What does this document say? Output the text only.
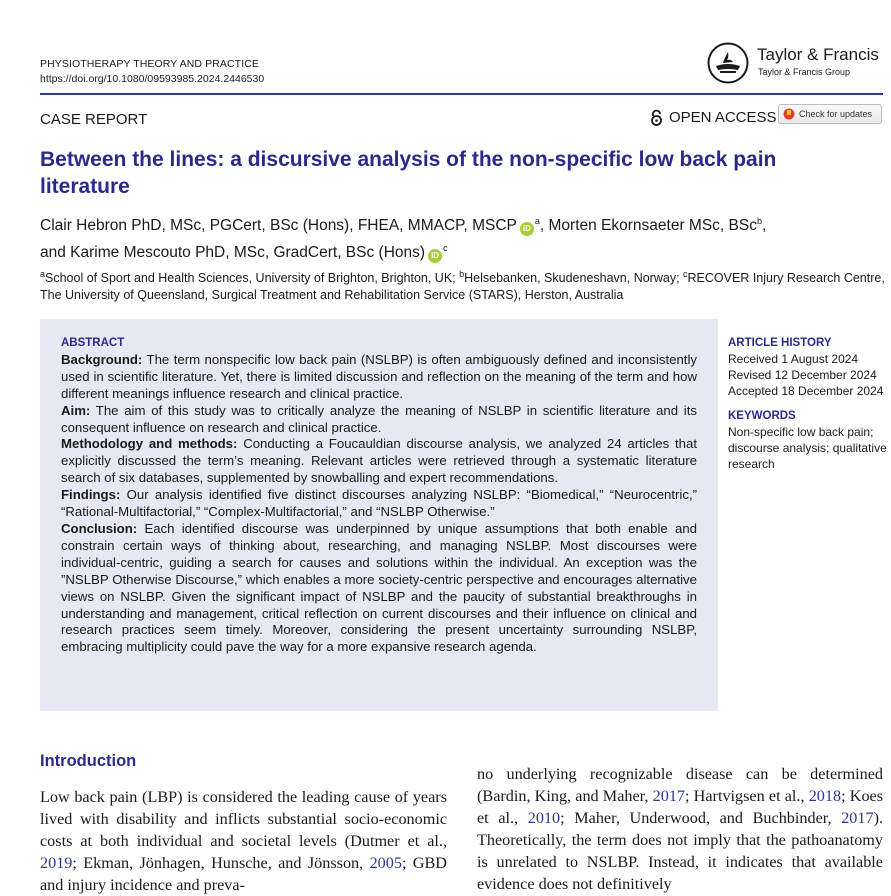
PHYSIOTHERAPY THEORY AND PRACTICE
https://doi.org/10.1080/09593985.2024.2446530
Taylor & Francis
Taylor & Francis Group
CASE REPORT	OPEN ACCESS Check for updates
Between the lines: a discursive analysis of the non-specific low back pain literature
Clair Hebron PhD, MSc, PGCert, BSc (Hons), FHEA, MMACP, MSCP $iD^a$, Morten Ekornsaeter MSc, BSc$^b$,
and Karime Mescouto PhD, MSc, GradCert, BSc (Hons) $iD^c$
$^a$School of Sport and Health Sciences, University of Brighton, Brighton, UK; $^b$Helsebanken, Skudeneshavn, Norway; $^c$RECOVER Injury Research Centre, The University of Queensland, Surgical Treatment and Rehabilitation Service (STARS), Herston, Australia
ABSTRACT
Background: The term nonspecific low back pain (NSLBP) is often ambiguously defined and inconsistently used in scientific literature. Yet, there is limited discussion and reflection on the meaning of the term and how different meanings influence research and clinical practice.
Aim: The aim of this study was to critically analyze the meaning of NSLBP in scientific literature and its consequent influence on research and clinical practice.
Methodology and methods: Conducting a Foucauldian discourse analysis, we analyzed 24 articles that explicitly discussed the term’s meaning. Relevant articles were retrieved through a systematic literature search of six databases, supplemented by snowballing and expert recommendations.
Findings: Our analysis identified five distinct discourses analyzing NSLBP: “Biomedical,” “Neurocentric,” “Rational-Multifactorial,” “Complex-Multifactorial,” and “NSLBP Otherwise.”
Conclusion: Each identified discourse was underpinned by unique assumptions that both enable and constrain certain ways of thinking about, researching, and managing NSLBP. Most discourses were individual-centric, guiding a search for causes and solutions within the individual. An exception was the ”NSLBP Otherwise Discourse,” which enables a more society-centric perspective and encourages alternative views on NSLBP. Given the significant impact of NSLBP and the paucity of substantial breakthroughs in understanding and management, critical reflection on current discourses and their influence on clinical and research practices seem timely. Moreover, considering the present uncertainty surrounding NSLBP, embracing multiplicity could pave the way for a more expansive research agenda.
ARTICLE HISTORY
Received 1 August 2024
Revised 12 December 2024
Accepted 18 December 2024
KEYWORDS
Non-specific low back pain; discourse analysis; qualitative research
Introduction
Low back pain (LBP) is considered the leading cause of years lived with disability and inflicts substantial socio-economic costs at both individual and societal levels (Dutmer et al., 2019; Ekman, Jönhagen, Hunsche, and Jönsson, 2005; GBD and injury incidence and preva-
no underlying recognizable disease can be determined (Bardin, King, and Maher, 2017; Hartvigsen et al., 2018; Koes et al., 2010; Maher, Underwood, and Buchbinder, 2017). Theoretically, the term does not imply that the pathoanatomy is unrelated to NSLBP. Instead, it indicates that available evidence does not definitively
